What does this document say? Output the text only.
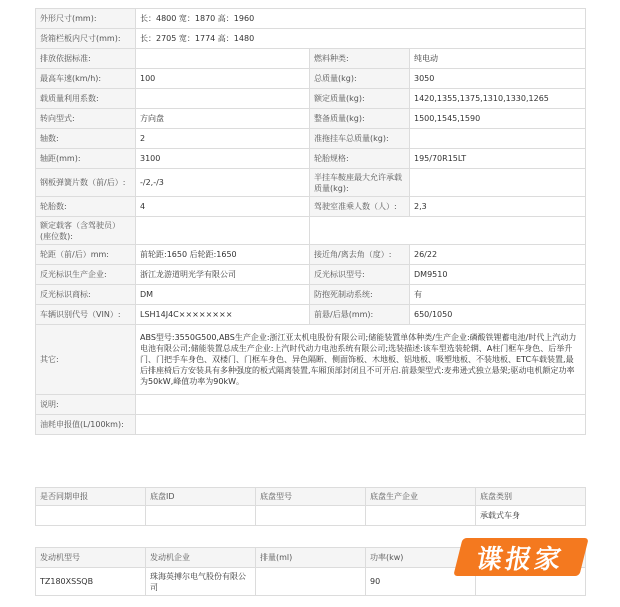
外形尺寸(mm):	长：4800 宽：1870 高：1960		
货箱栏板内尺寸(mm):	长：2705 宽：1774 高：1480		
排放依据标准:		燃料种类:	纯电动
最高车速(km/h):	100	总质量(kg):	3050
载质量利用系数:		额定质量(kg):	1420,1355,1375,1310,1330,1265
转向型式:	方向盘	整备质量(kg):	1500,1545,1590
轴数:	2	准拖挂车总质量(kg):	
轴距(mm):	3100	轮胎规格:	195/70R15LT
钢板弹簧片数（前/后）:	-/2,-/3	半挂车鞍座最大允许承载质量(kg):	
轮胎数:	4	驾驶室准乘人数（人）:	2,3
额定载客（含驾驶员）(座位数):			
轮距（前/后）mm:	前轮距:1650 后轮距:1650	接近角/离去角（度）:	26/22
反光标识生产企业:	浙江龙游道明光学有限公司	反光标识型号:	DM9510
反光标识商标:	DM	防抱死制动系统:	有
车辆识别代号（VIN）:	LSH14J4C××××××××	前悬/后悬(mm):	650/1050
其它:	ABS型号:3550G500,ABS生产企业:浙江亚太机电股份有限公司;储能装置单体种类/生产企业:磷酸铁锂蓄电池/时代上汽动力电池有限公司;储能装置总成生产企业:上汽时代动力电池系统有限公司;选装描述:该车型选装轮辋、A柱门框车身色、后举升门、门把手车身色、双楼门、门框车身色、异色隔断、侧面饰板、木地板、铝地板、吸塑地板、不装地板、ETC车载装置,最后排座椅后方安装具有多种强度的板式隔离装置,车厢顶部封闭且不可开启.前悬架型式:麦弗逊式独立悬架;驱动电机额定功率为50kW,峰值功率为90kW。		
说明:			
油耗申报值(L/100km):			
是否同期申报	底盘ID	底盘型号	底盘生产企业	底盘类别
				承载式车身
发动机型号	发动机企业	排量(ml)	功率(kw)	
TZ180XSSQB	珠海英搏尔电气股份有限公司		90	
谍报家
